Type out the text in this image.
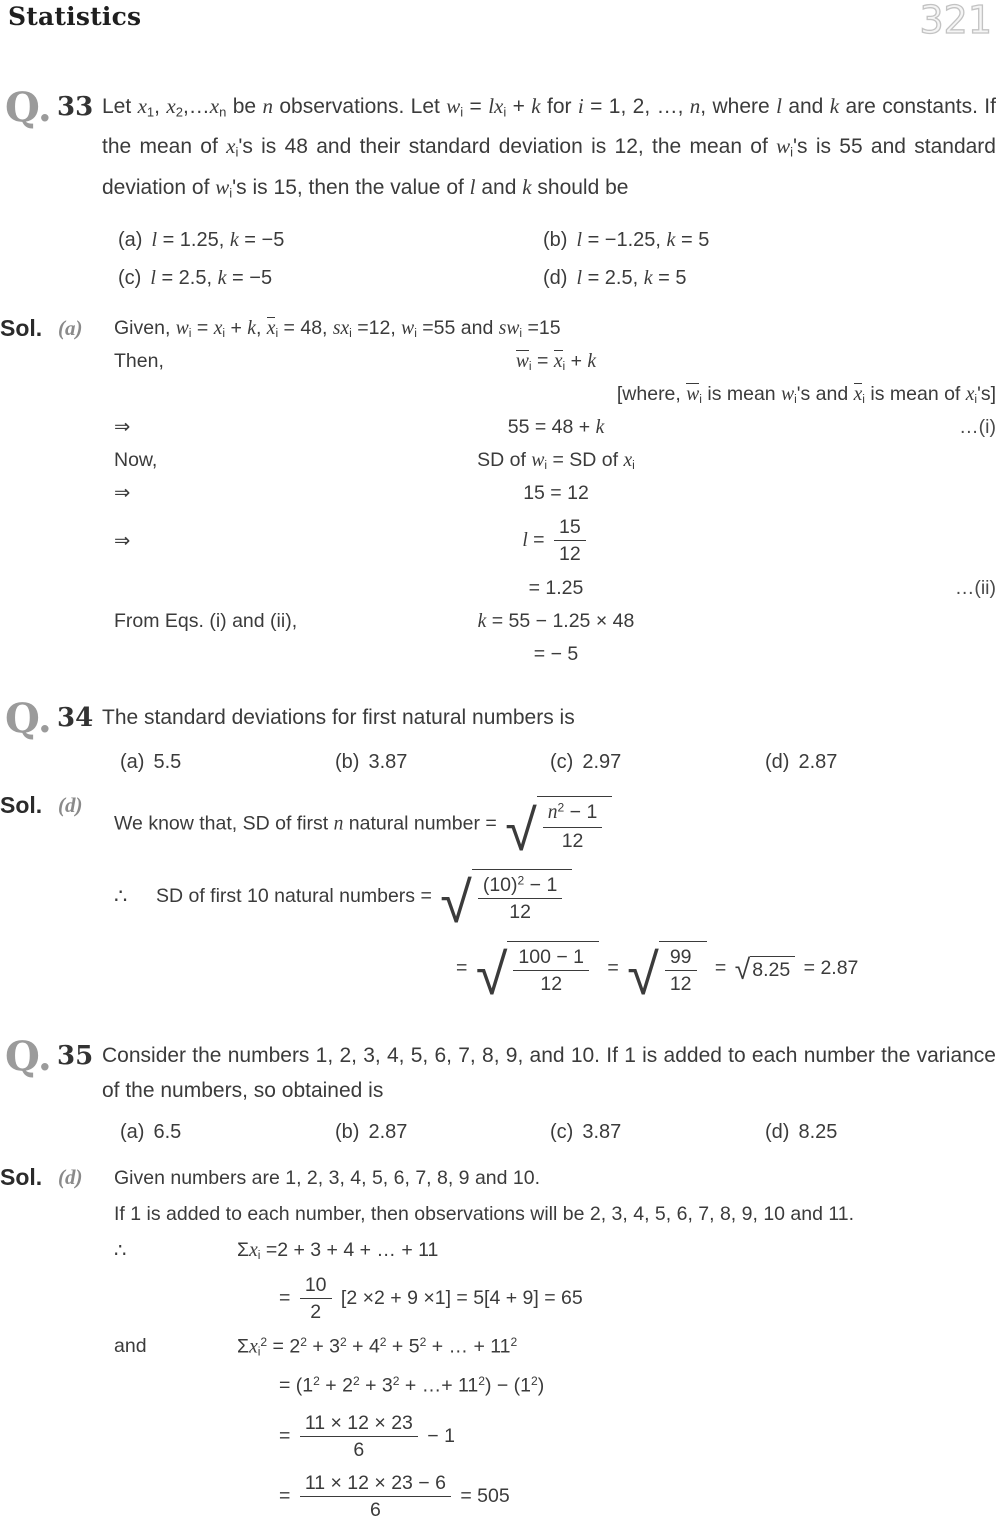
Statistics	321
Q. 33 Let $x_1$, $x_2,\dots x_n$ be n observations. Let $w_i = lx_i + k$ for i = 1, 2, …, n, where l and k are constants. If the mean of $x_i's$ is 48 and their standard deviation is 12, the mean of $w_i's$ is 55 and standard deviation of $w_i's$ is 15, then the value of l and k should be
(a) l = 1.25, k = −5	(b) l = −1.25, k = 5
(c) l = 2.5, k = −5	(d) l = 2.5, k = 5
Sol. (a)	Given, $w_i = x_i + k$, $x_i = 48$, $sx_i =12$, $w_i =55$ and $sw_i =15$
Then,	$w_i = x_i + k$
[where, $w_i$ is mean $w_i's$ and $x_i$ is mean of $x_i's$]
⇒	55 = 48 + k	…(i)
Now,	SD of $w_i$ = SD of $x_i$
⇒	15 = 12
⇒	$l = \frac{15}{12}$
= 1.25	…(ii)
From Eqs. (i) and (ii),	k = 55 − 1.25 × 48
= − 5
Q. 34 The standard deviations for first natural numbers is
(a) 5.5	(b) 3.87	(c) 2.97	(d) 2.87
Sol. (d)
We know that, SD of first n natural number = √ $\frac{n^2 - 1}{12}$
∴	SD of first 10 natural numbers = √ $\frac{(10)^2 - 1}{12}$
= √ $\frac{100 - 1}{12}$ = √ $\frac{99}{12}$ = √ 8.25 = 2.87
Q. 35 Consider the numbers 1, 2, 3, 4, 5, 6, 7, 8, 9, and 10. If 1 is added to each number the variance of the numbers, so obtained is
(a) 6.5	(b) 2.87	(c) 3.87	(d) 8.25
Sol. (d)	Given numbers are 1, 2, 3, 4, 5, 6, 7, 8, 9 and 10.
If 1 is added to each number, then observations will be 2, 3, 4, 5, 6, 7, 8, 9, 10 and 11.
∴	$\Sigma x_i =2 + 3 + 4$ + … + 11
= $\frac{10}{2} [2 \times 2 + 9 \times 1] = 5[4 + 9] = 65$
and	$\Sigma x_i^2 = 2^2 + 3^2 + 4^2 + 5^2$ + … + $11^2$
= ($1^2 + 2^2 + 3^2$ + …+ $11^2) - (1^2)$
= $\frac{11 \times 12 \times 23}{6} - 1$
= $\frac{11 \times 12 \times 23 - 6}{6} = 505$
